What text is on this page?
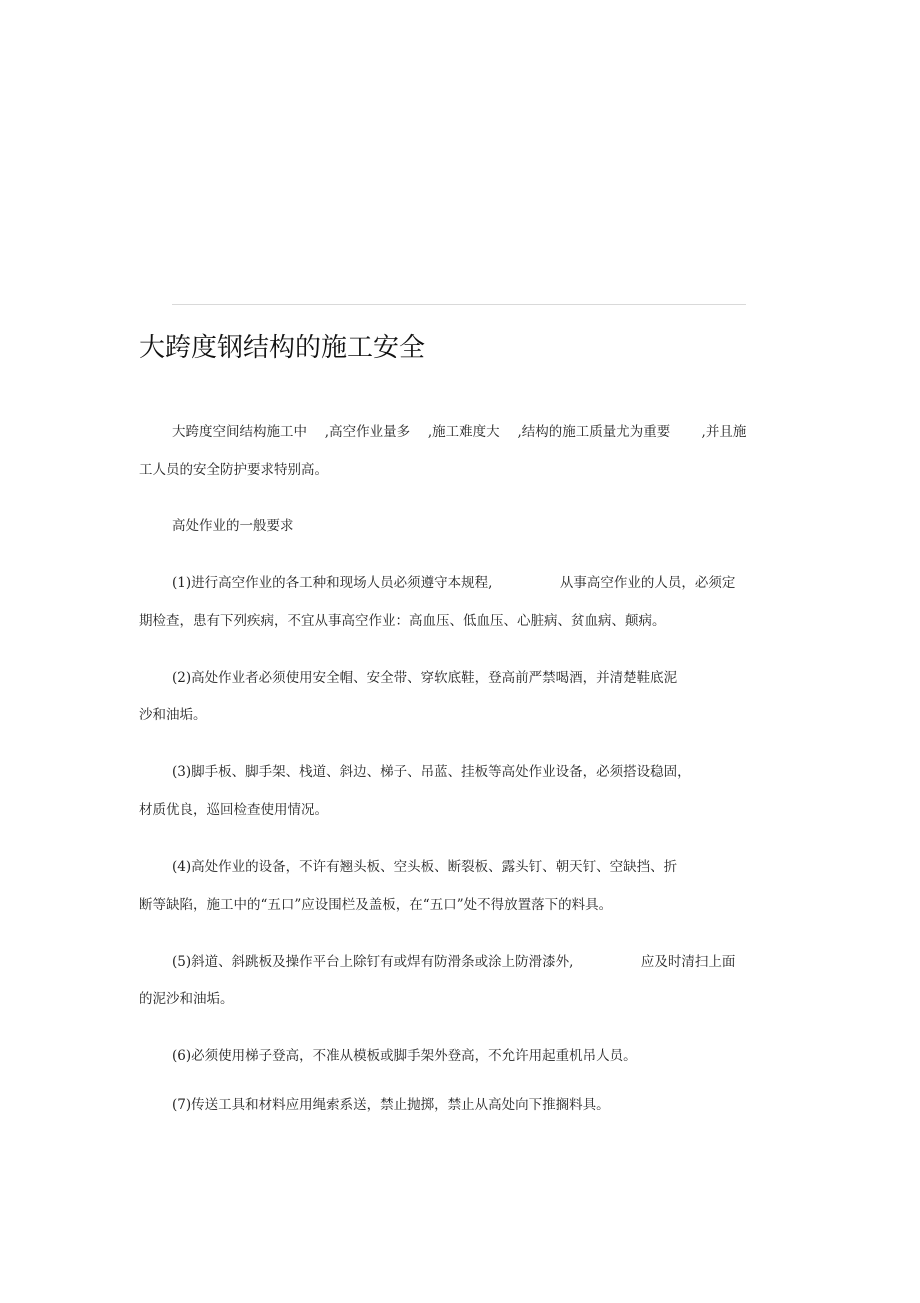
大跨度钢结构的施工安全
大跨度空间结构施工中　 ,高空作业量多　 ,施工难度大　 ,结构的施工质量尤为重要　　 ,并且施
工人员的安全防护要求特别高。
高处作业的一般要求
(1)进行高空作业的各工种和现场人员必须遵守本规程,　　　　　从事高空作业的人员，必须定
期检查，患有下列疾病，不宜从事高空作业：高血压、低血压、心脏病、贫血病、颠病。
(2)高处作业者必须使用安全帽、安全带、穿软底鞋，登高前严禁喝酒，并清楚鞋底泥
沙和油垢。
(3)脚手板、脚手架、栈道、斜边、梯子、吊蓝、挂板等高处作业设备，必须搭设稳固，
材质优良，巡回检查使用情况。
(4)高处作业的设备，不许有翘头板、空头板、断裂板、露头钉、朝天钉、空缺挡、折
断等缺陷，施工中的“五口”应设围栏及盖板，在“五口”处不得放置落下的料具。
(5)斜道、斜跳板及操作平台上除钉有或焊有防滑条或涂上防滑漆外,　　　　　应及时清扫上面
的泥沙和油垢。
(6)必须使用梯子登高，不准从模板或脚手架外登高，不允许用起重机吊人员。
(7)传送工具和材料应用绳索系送，禁止抛掷，禁止从高处向下推搁料具。
